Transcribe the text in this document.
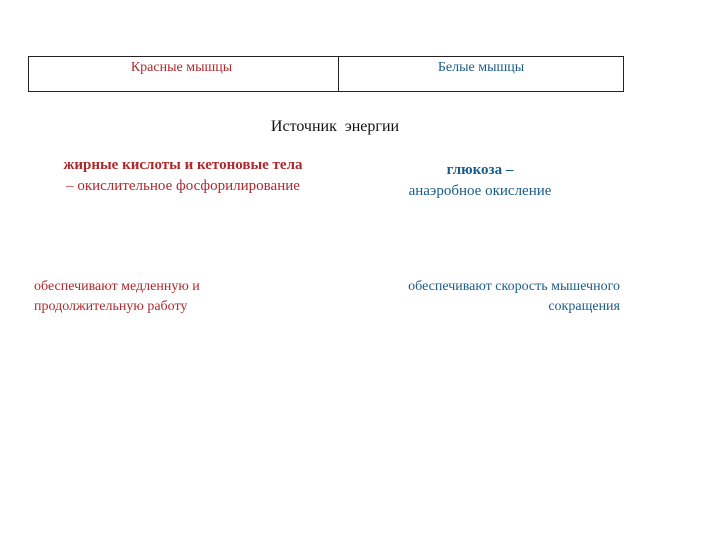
Красные мышцы	Белые мышцы
Источник  энергии
жирные кислоты и кетоновые тела
– окислительное фосфорилирование
глюкоза –
анаэробное окисление
обеспечивают медленную и
продолжительную работу
обеспечивают скорость мышечного
сокращения
